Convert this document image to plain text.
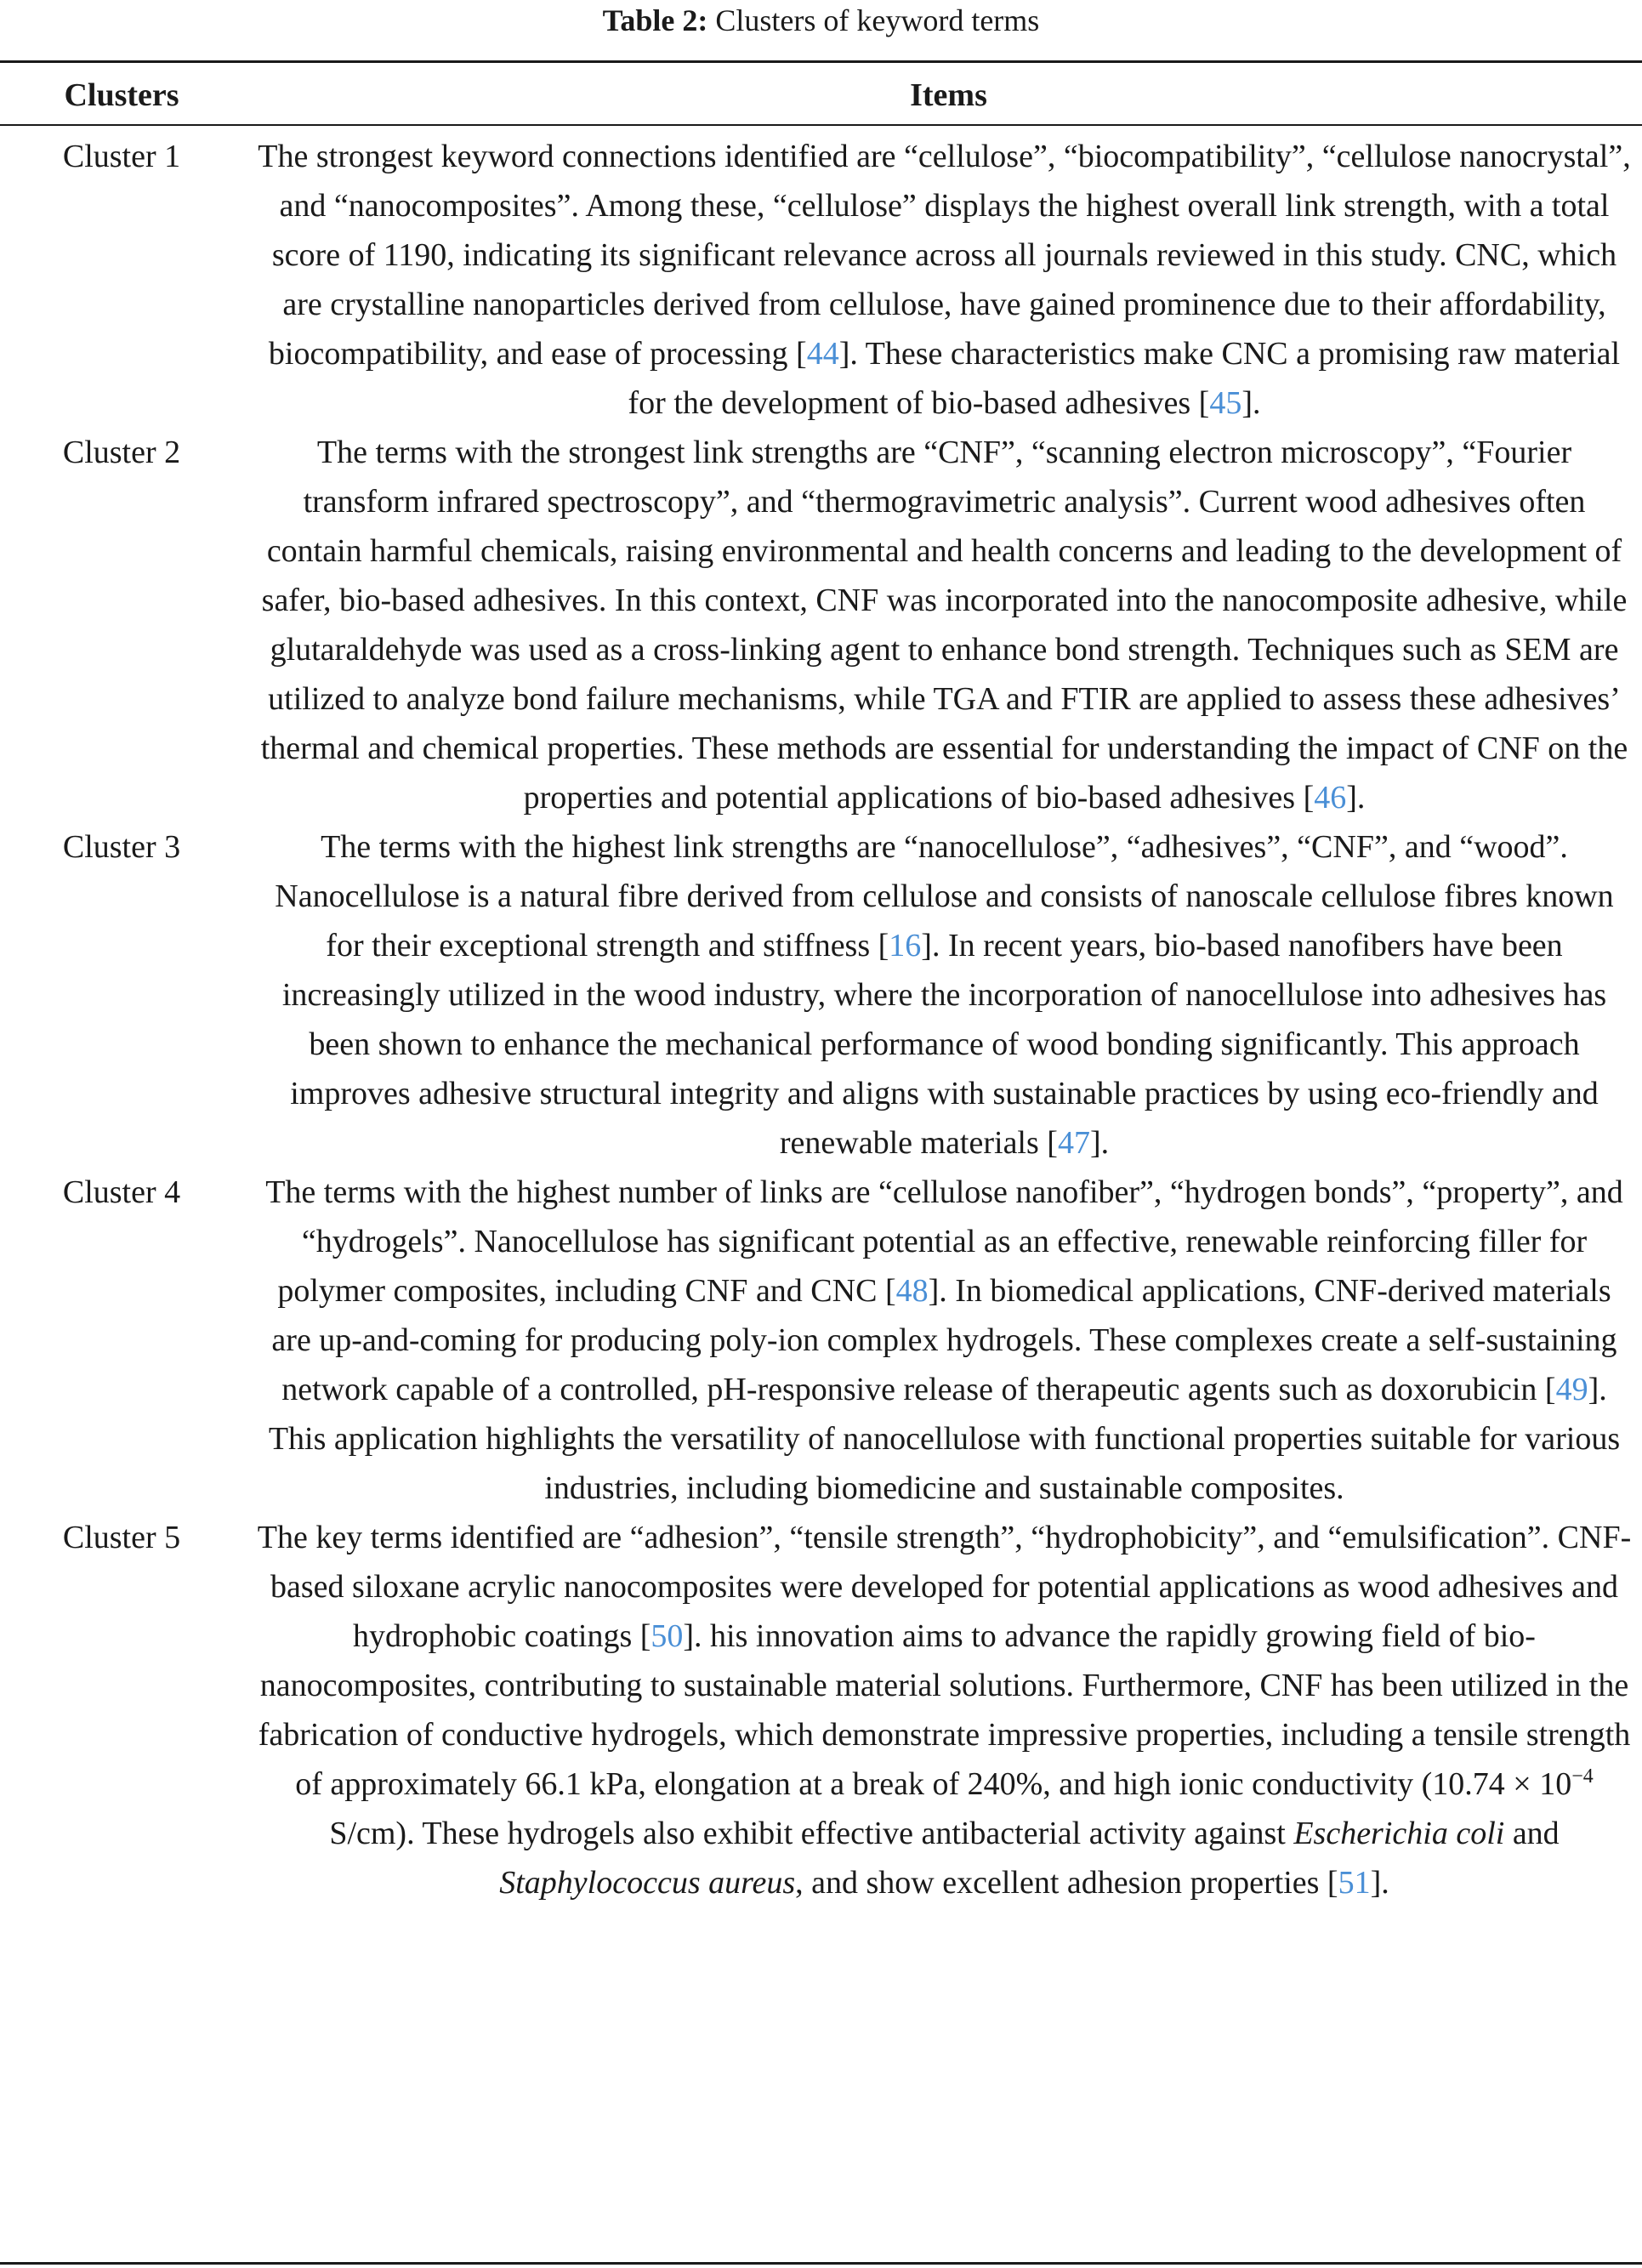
Table 2: Clusters of keyword terms
Clusters	Items
Cluster 1	The strongest keyword connections identified are “cellulose”, “biocompatibility”, “cellulose nanocrystal”, and “nanocomposites”. Among these, “cellulose” displays the highest overall link strength, with a total score of 1190, indicating its significant relevance across all journals reviewed in this study. CNC, which are crystalline nanoparticles derived from cellulose, have gained prominence due to their affordability, biocompatibility, and ease of processing [44]. These characteristics make CNC a promising raw material for the development of bio-based adhesives [45].
Cluster 2	The terms with the strongest link strengths are “CNF”, “scanning electron microscopy”, “Fourier transform infrared spectroscopy”, and “thermogravimetric analysis”. Current wood adhesives often contain harmful chemicals, raising environmental and health concerns and leading to the development of safer, bio-based adhesives. In this context, CNF was incorporated into the nanocomposite adhesive, while glutaraldehyde was used as a cross-linking agent to enhance bond strength. Techniques such as SEM are utilized to analyze bond failure mechanisms, while TGA and FTIR are applied to assess these adhesives’ thermal and chemical properties. These methods are essential for understanding the impact of CNF on the properties and potential applications of bio-based adhesives [46].
Cluster 3	The terms with the highest link strengths are “nanocellulose”, “adhesives”, “CNF”, and “wood”. Nanocellulose is a natural fibre derived from cellulose and consists of nanoscale cellulose fibres known for their exceptional strength and stiffness [16]. In recent years, bio-based nanofibers have been increasingly utilized in the wood industry, where the incorporation of nanocellulose into adhesives has been shown to enhance the mechanical performance of wood bonding significantly. This approach improves adhesive structural integrity and aligns with sustainable practices by using eco-friendly and renewable materials [47].
Cluster 4	The terms with the highest number of links are “cellulose nanofiber”, “hydrogen bonds”, “property”, and “hydrogels”. Nanocellulose has significant potential as an effective, renewable reinforcing filler for polymer composites, including CNF and CNC [48]. In biomedical applications, CNF-derived materials are up-and-coming for producing poly-ion complex hydrogels. These complexes create a self-sustaining network capable of a controlled, pH-responsive release of therapeutic agents such as doxorubicin [49]. This application highlights the versatility of nanocellulose with functional properties suitable for various industries, including biomedicine and sustainable composites.
Cluster 5	The key terms identified are “adhesion”, “tensile strength”, “hydrophobicity”, and “emulsification”. CNF-based siloxane acrylic nanocomposites were developed for potential applications as wood adhesives and hydrophobic coatings [50]. his innovation aims to advance the rapidly growing field of bio-nanocomposites, contributing to sustainable material solutions. Furthermore, CNF has been utilized in the fabrication of conductive hydrogels, which demonstrate impressive properties, including a tensile strength of approximately 66.1 kPa, elongation at a break of 240%, and high ionic conductivity ($10.74 \times 10^{-4}$ S/cm). These hydrogels also exhibit effective antibacterial activity against Escherichia coli and Staphylococcus aureus, and show excellent adhesion properties [51].
